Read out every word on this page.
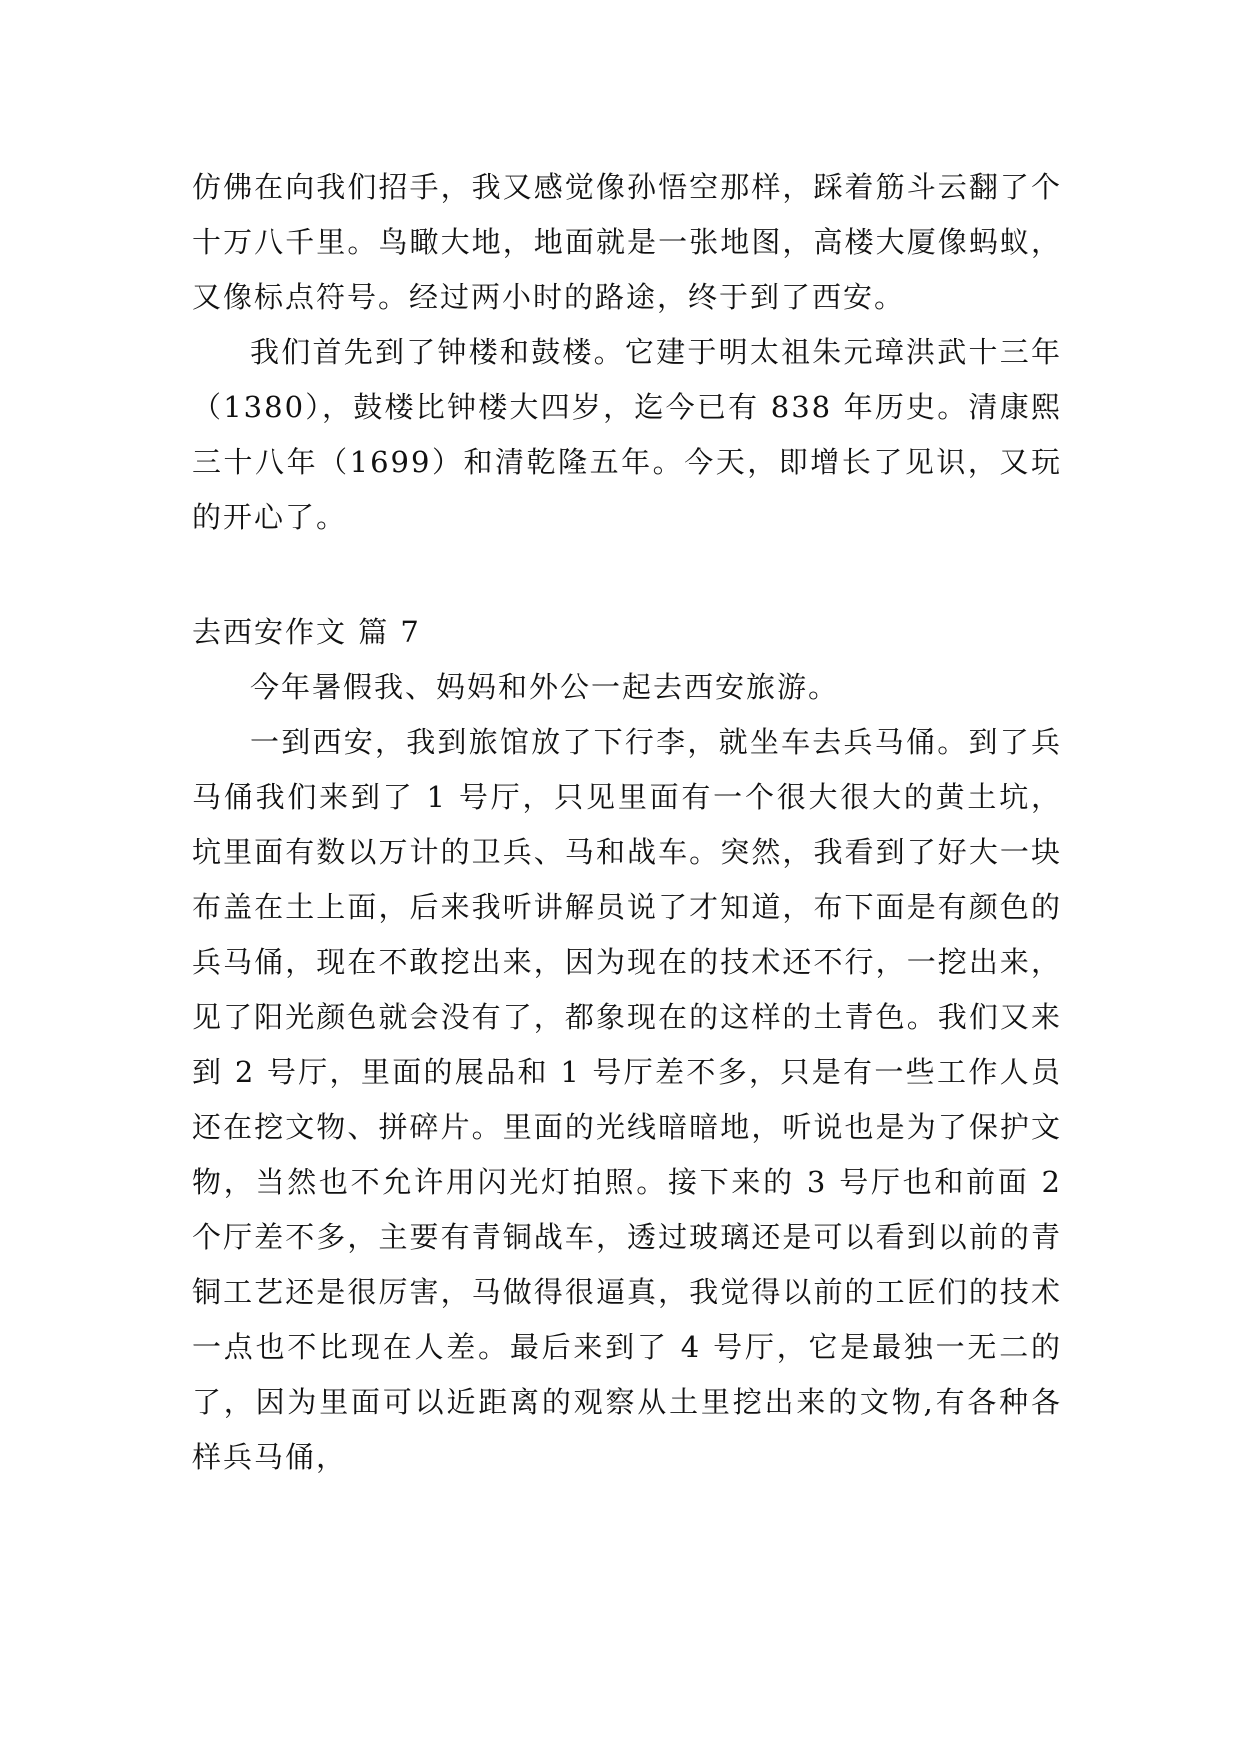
仿佛在向我们招手，我又感觉像孙悟空那样，踩着筋斗云翻了个十万八千里。鸟瞰大地，地面就是一张地图，高楼大厦像蚂蚁，又像标点符号。经过两小时的路途，终于到了西安。

我们首先到了钟楼和鼓楼。它建于明太祖朱元璋洪武十三年（1380），鼓楼比钟楼大四岁，迄今已有 838 年历史。清康熙三十八年（1699）和清乾隆五年。今天，即增长了见识，又玩的开心了。

去西安作文 篇 7

今年暑假我、妈妈和外公一起去西安旅游。

一到西安，我到旅馆放了下行李，就坐车去兵马俑。到了兵马俑我们来到了 1 号厅，只见里面有一个很大很大的黄土坑，坑里面有数以万计的卫兵、马和战车。突然，我看到了好大一块布盖在土上面，后来我听讲解员说了才知道，布下面是有颜色的兵马俑，现在不敢挖出来，因为现在的技术还不行，一挖出来，见了阳光颜色就会没有了，都象现在的这样的土青色。我们又来到 2 号厅，里面的展品和 1 号厅差不多，只是有一些工作人员还在挖文物、拼碎片。里面的光线暗暗地，听说也是为了保护文物，当然也不允许用闪光灯拍照。接下来的 3 号厅也和前面 2 个厅差不多，主要有青铜战车，透过玻璃还是可以看到以前的青铜工艺还是很厉害，马做得很逼真，我觉得以前的工匠们的技术一点也不比现在人差。最后来到了 4 号厅，它是最独一无二的了，因为里面可以近距离的观察从土里挖出来的文物,有各种各样兵马俑，
